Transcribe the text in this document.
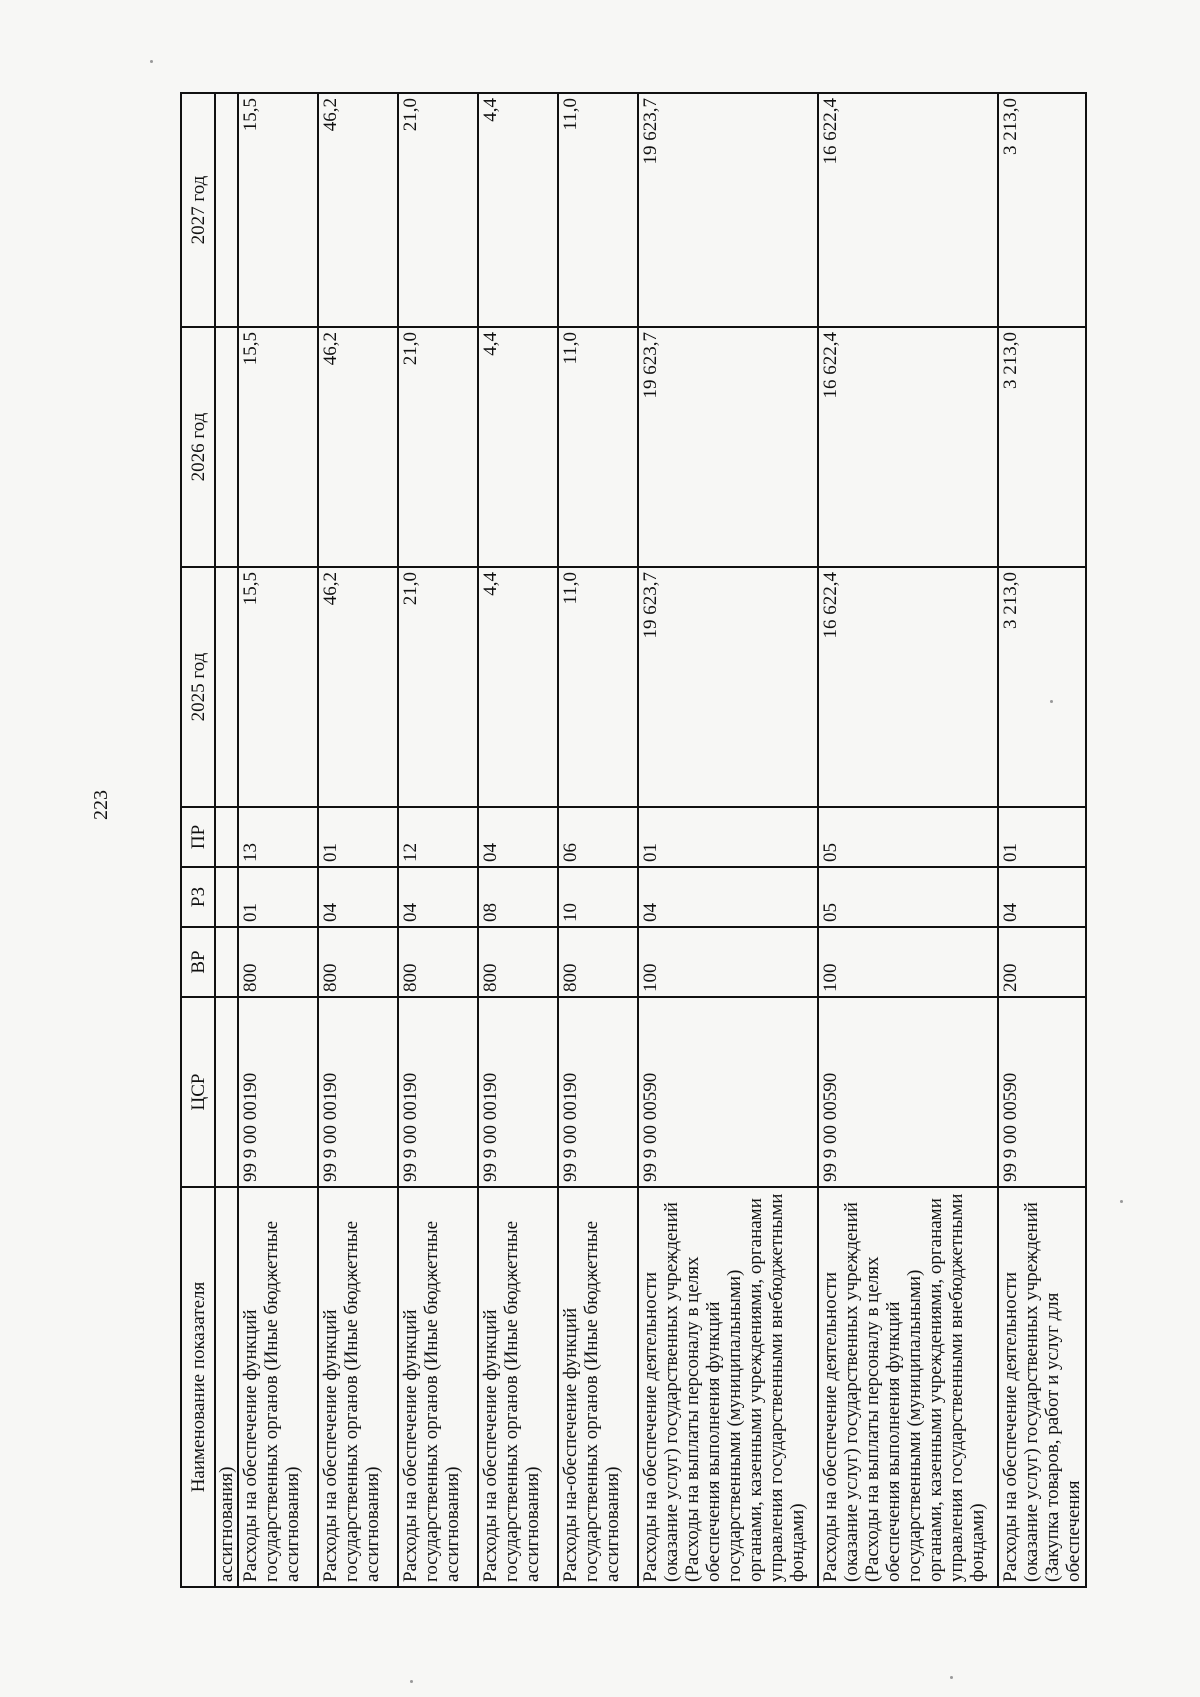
223
Наименование показателя	ЦСР	ВР	РЗ	ПР	2025 год	2026 год	2027 год
ассигнования)							
Расходы на обеспечение функций государственных органов (Иные бюджетные ассигнования)	99 9 00 00190	800	01	13	15,5	15,5	15,5
Расходы на обеспечение функций государственных органов (Иные бюджетные ассигнования)	99 9 00 00190	800	04	01	46,2	46,2	46,2
Расходы на обеспечение функций государственных органов (Иные бюджетные ассигнования)	99 9 00 00190	800	04	12	21,0	21,0	21,0
Расходы на обеспечение функций государственных органов (Иные бюджетные ассигнования)	99 9 00 00190	800	08	04	4,4	4,4	4,4
Расходы на-обеспечение функций государственных органов (Иные бюджетные ассигнования)	99 9 00 00190	800	10	06	11,0	11,0	11,0
Расходы на обеспечение деятельности (оказание услуг) государственных учреждений (Расходы на выплаты персоналу в целях обеспечения выполнения функций государственными (муниципальными) органами, казенными учреждениями, органами управления государственными внебюджетными фондами)	99 9 00 00590	100	04	01	19 623,7	19 623,7	19 623,7
Расходы на обеспечение деятельности (оказание услуг) государственных учреждений (Расходы на выплаты персоналу в целях обеспечения выполнения функций государственными (муниципальными) органами, казенными учреждениями, органами управления государственными внебюджетными фондами)	99 9 00 00590	100	05	05	16 622,4	16 622,4	16 622,4
Расходы на обеспечение деятельности (оказание услуг) государственных учреждений (Закупка товаров, работ и услуг для обеспечения	99 9 00 00590	200	04	01	3 213,0	3 213,0	3 213,0
